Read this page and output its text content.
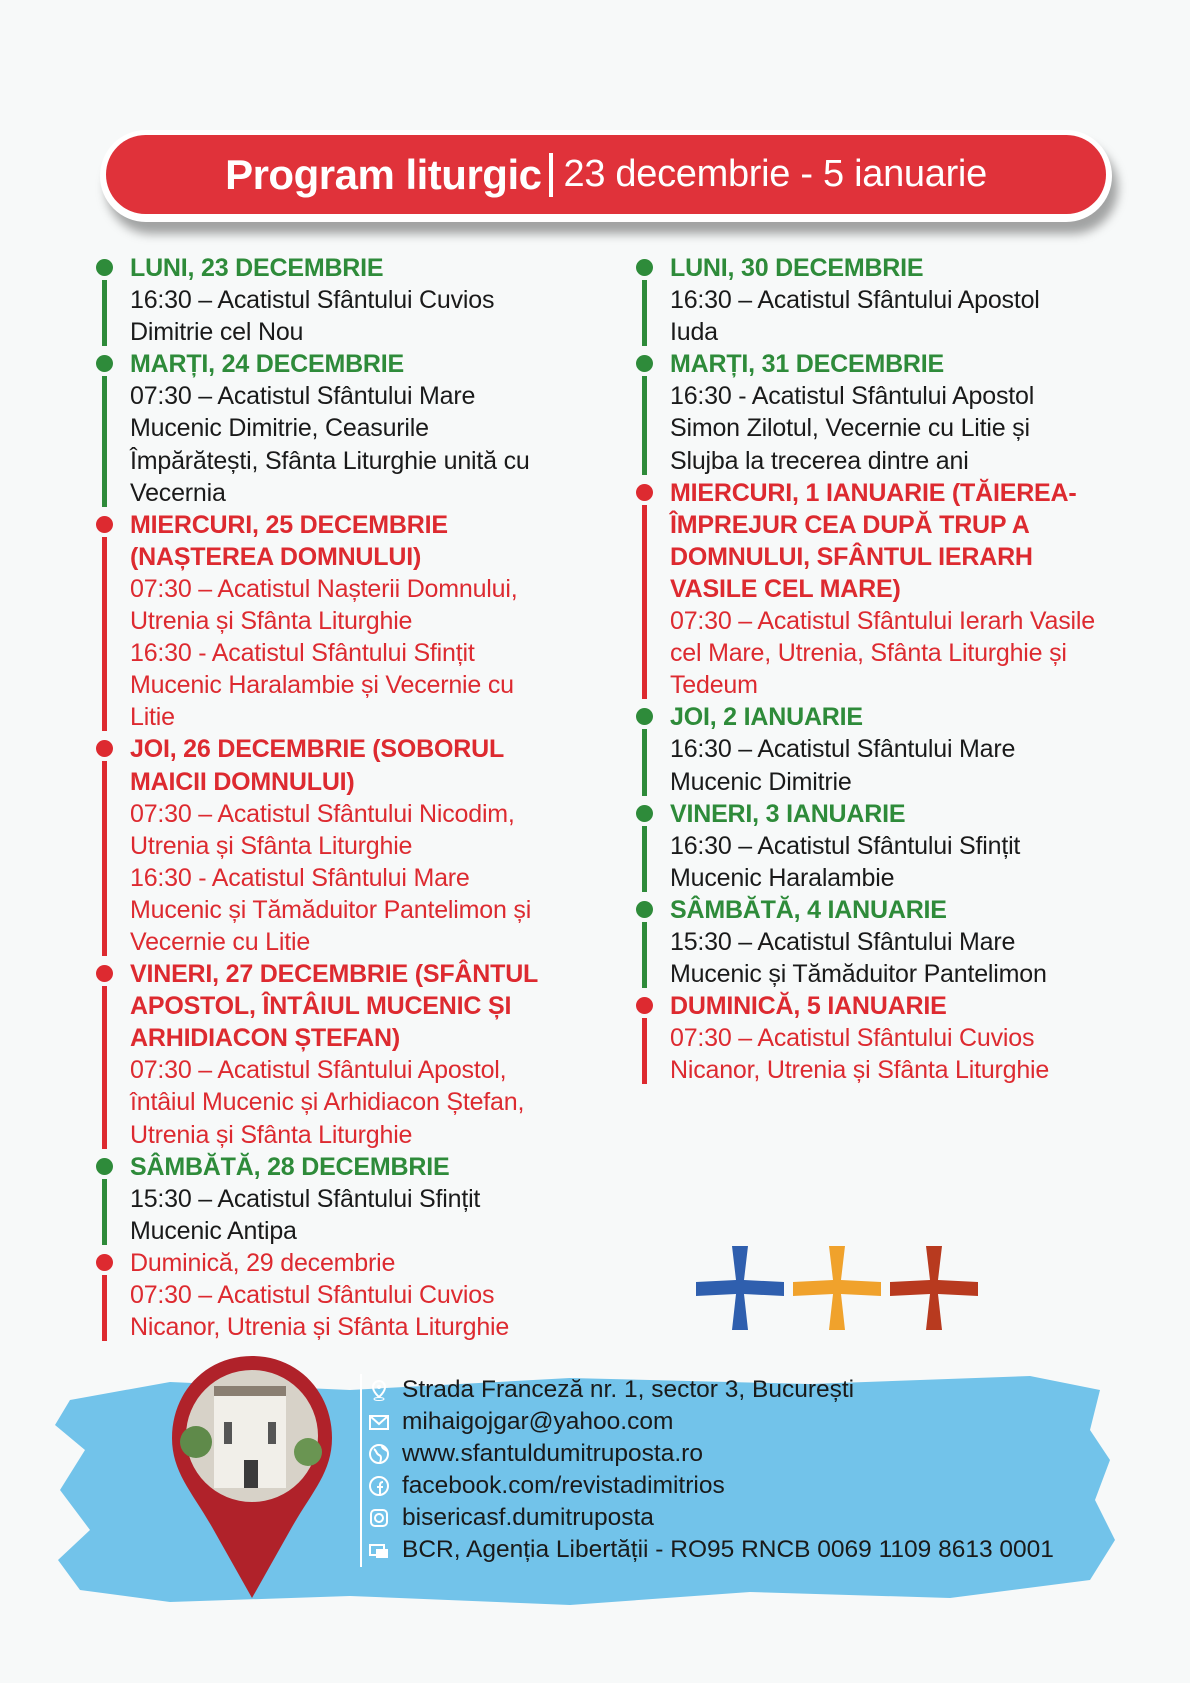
Program liturgic 23 decembrie - 5 ianuarie
LUNI, 23 DECEMBRIE
16:30 – Acatistul Sfântului Cuvios
Dimitrie cel Nou
MARȚI, 24 DECEMBRIE
07:30 – Acatistul Sfântului Mare
Mucenic Dimitrie, Ceasurile
Împărătești, Sfânta Liturghie unită cu
Vecernia
MIERCURI, 25 DECEMBRIE
(NAȘTEREA DOMNULUI)
07:30 – Acatistul Nașterii Domnului,
Utrenia și Sfânta Liturghie
16:30 - Acatistul Sfântului Sfințit
Mucenic Haralambie și Vecernie cu
Litie
JOI, 26 DECEMBRIE (SOBORUL
MAICII DOMNULUI)
07:30 – Acatistul Sfântului Nicodim,
Utrenia și Sfânta Liturghie
16:30 - Acatistul Sfântului Mare
Mucenic și Tămăduitor Pantelimon și
Vecernie cu Litie
VINERI, 27 DECEMBRIE (SFÂNTUL
APOSTOL, ÎNTÂIUL MUCENIC ȘI
ARHIDIACON ȘTEFAN)
07:30 – Acatistul Sfântului Apostol,
întâiul Mucenic și Arhidiacon Ștefan,
Utrenia și Sfânta Liturghie
SÂMBĂTĂ, 28 DECEMBRIE
15:30 – Acatistul Sfântului Sfințit
Mucenic Antipa
Duminică, 29 decembrie
07:30 – Acatistul Sfântului Cuvios
Nicanor, Utrenia și Sfânta Liturghie
LUNI, 30 DECEMBRIE
16:30 – Acatistul Sfântului Apostol
Iuda
MARȚI, 31 DECEMBRIE
16:30 - Acatistul Sfântului Apostol
Simon Zilotul, Vecernie cu Litie și
Slujba la trecerea dintre ani
MIERCURI, 1 IANUARIE (TĂIEREA-
ÎMPREJUR CEA DUPĂ TRUP A
DOMNULUI, SFÂNTUL IERARH
VASILE CEL MARE)
07:30 – Acatistul Sfântului Ierarh Vasile
cel Mare, Utrenia, Sfânta Liturghie și
Tedeum
JOI, 2 IANUARIE
16:30 – Acatistul Sfântului Mare
Mucenic Dimitrie
VINERI, 3 IANUARIE
16:30 – Acatistul Sfântului Sfințit
Mucenic Haralambie
SÂMBĂTĂ, 4 IANUARIE
15:30 – Acatistul Sfântului Mare
Mucenic și Tămăduitor Pantelimon
DUMINICĂ, 5 IANUARIE
07:30 – Acatistul Sfântului Cuvios
Nicanor, Utrenia și Sfânta Liturghie
Strada Franceză nr. 1, sector 3, București
mihaigojgar@yahoo.com
www.sfantuldumitruposta.ro
facebook.com/revistadimitrios
bisericasf.dumitruposta
BCR, Agenția Libertății - RO95 RNCB 0069 1109 8613 0001
